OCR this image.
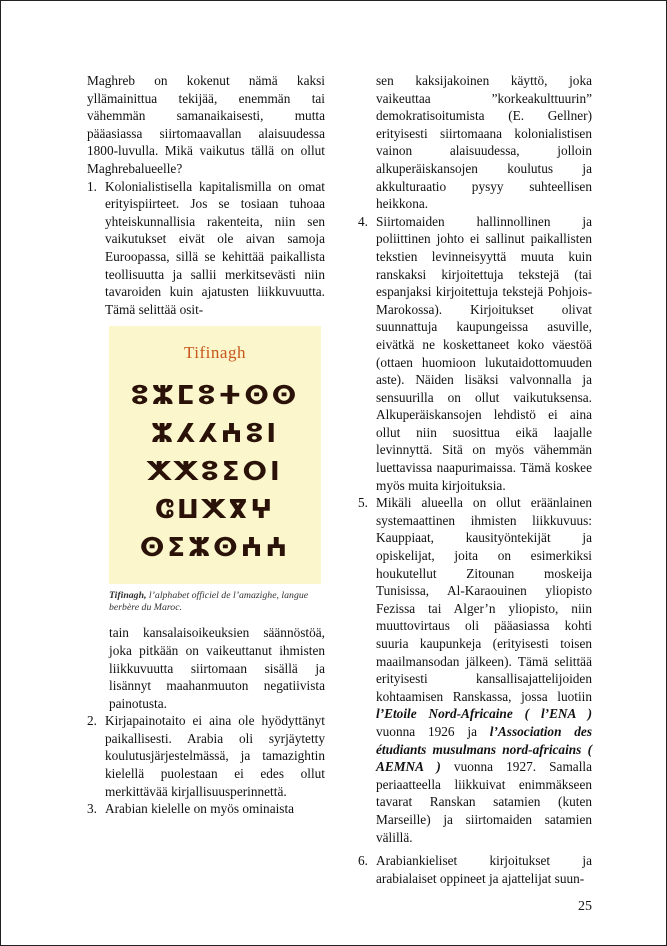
Maghreb on kokenut nämä kaksi yllämainittua tekijää, enemmän tai vähemmän samanaikaisesti, mutta pääasiassa siirtomaavallan alaisuudessa 1800-luvulla. Mikä vaikutus tällä on ollut Maghrebalueelle?

1. Kolonialistisella kapitalismilla on omat erityispiirteet. Jos se tosiaan tuhoaa yhteiskunnallisia rakenteita, niin sen vaikutukset eivät ole aivan samoja Euroopassa, sillä se kehittää paikallista teollisuutta ja sallii merkitsevästi niin tavaroiden kuin ajatusten liikkuvuutta. Tämä selittää osit-
Tifinagh
ⵓⵣⵎⵓⵜⵙⵙ
ⵣⵃⵃⵄⵓⵏ
ⵅⵅⵓⵉⵔⵏ
ⵛⵡⵅⴳⵖ
ⵙⵉⵣⵙⵄⵄ
Tifinagh, l’alphabet officiel de l’amazighe, langue berbère du Maroc.

tain kansalaisoikeuksien säännöstöä, joka pitkään on vaikeuttanut ihmisten liikkuvuutta siirtomaan sisällä ja lisännyt maahanmuuton negatiivista painotusta.

2. Kirjapainotaito ei aina ole hyödyttänyt paikallisesti. Arabia oli syrjäytetty koulutusjärjestelmässä, ja tamazightin kielellä puolestaan ei edes ollut merkittävää kirjallisuusperinnettä.
3. Arabian kielelle on myös ominaista

sen kaksijakoinen käyttö, joka vaikeuttaa ”korkeakulttuurin” demokratisoitumista (E. Gellner) erityisesti siirtomaana kolonialistisen vainon alaisuudessa, jolloin alkuperäiskansojen koulutus ja akkulturaatio pysyy suhteellisen heikkona.

4. Siirtomaiden hallinnollinen ja poliittinen johto ei sallinut paikallisten tekstien levinneisyyttä muuta kuin ranskaksi kirjoitettuja tekstejä (tai espanjaksi kirjoitettuja tekstejä Pohjois- Marokossa). Kirjoitukset olivat suunnattuja kaupungeissa asuville, eivätkä ne koskettaneet koko väestöä (ottaen huomioon lukutaidottomuuden aste). Näiden lisäksi valvonnalla ja sensuurilla on ollut vaikutuksensa. Alkuperäiskansojen lehdistö ei aina ollut niin suosittua eikä laajalle levinnyttä. Sitä on myös vähemmän luettavissa naapurimaissa. Tämä koskee myös muita kirjoituksia.
5. Mikäli alueella on ollut eräänlainen systemaattinen ihmisten liikkuvuus: Kauppiaat, kausityöntekijät ja opiskelijat, joita on esimerkiksi houkutellut Zitounan moskeija Tunisissa, Al-Karaouinen yliopisto Fezissa tai Alger’n yliopisto, niin muuttovirtaus oli pääasiassa kohti suuria kaupunkeja (erityisesti toisen maailmansodan jälkeen). Tämä selittää erityisesti kansallisajattelijoiden kohtaamisen Ranskassa, jossa luotiin l’Etoile Nord-Africaine ( l’ENA ) vuonna 1926 ja l’Association des étudiants musulmans nord-africains ( AEMNA ) vuonna 1927. Samalla periaatteella liikkuivat enimmäkseen tavarat Ranskan satamien (kuten Marseille) ja siirtomaiden satamien välillä.
6. Arabiankieliset kirjoitukset ja arabialaiset oppineet ja ajattelijat suun-
25
